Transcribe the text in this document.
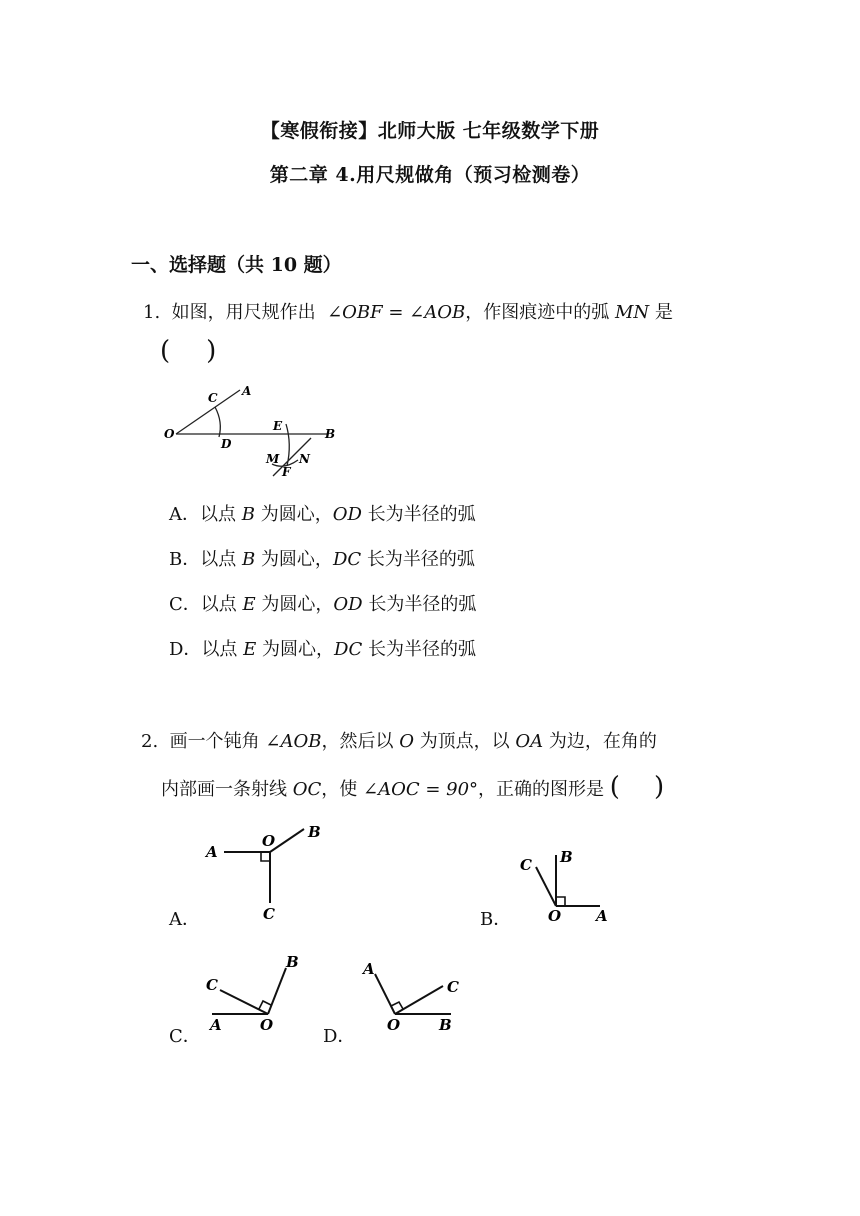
【寒假衔接】北师大版 七年级数学下册
第二章 4.用尺规做角（预习检测卷）
一、选择题（共 10 题）
1. 如图，用尺规作出 ∠OBF = ∠AOB，作图痕迹中的弧 MN 是
( )
O
A
C
D
E
B
M N
F
A．以点 B 为圆心，OD 长为半径的弧
B．以点 B 为圆心，DC 长为半径的弧
C．以点 E 为圆心，OD 长为半径的弧
D．以点 E 为圆心，DC 长为半径的弧
2. 画一个钝角 ∠AOB，然后以 O 为顶点，以 OA 为边，在角的
内部画一条射线 OC，使 ∠AOC = 90°，正确的图形是 ( )
A．	B．
C．	D．
A
O B
C
B
C
O A
B
C
A	O
A
C
O	B
